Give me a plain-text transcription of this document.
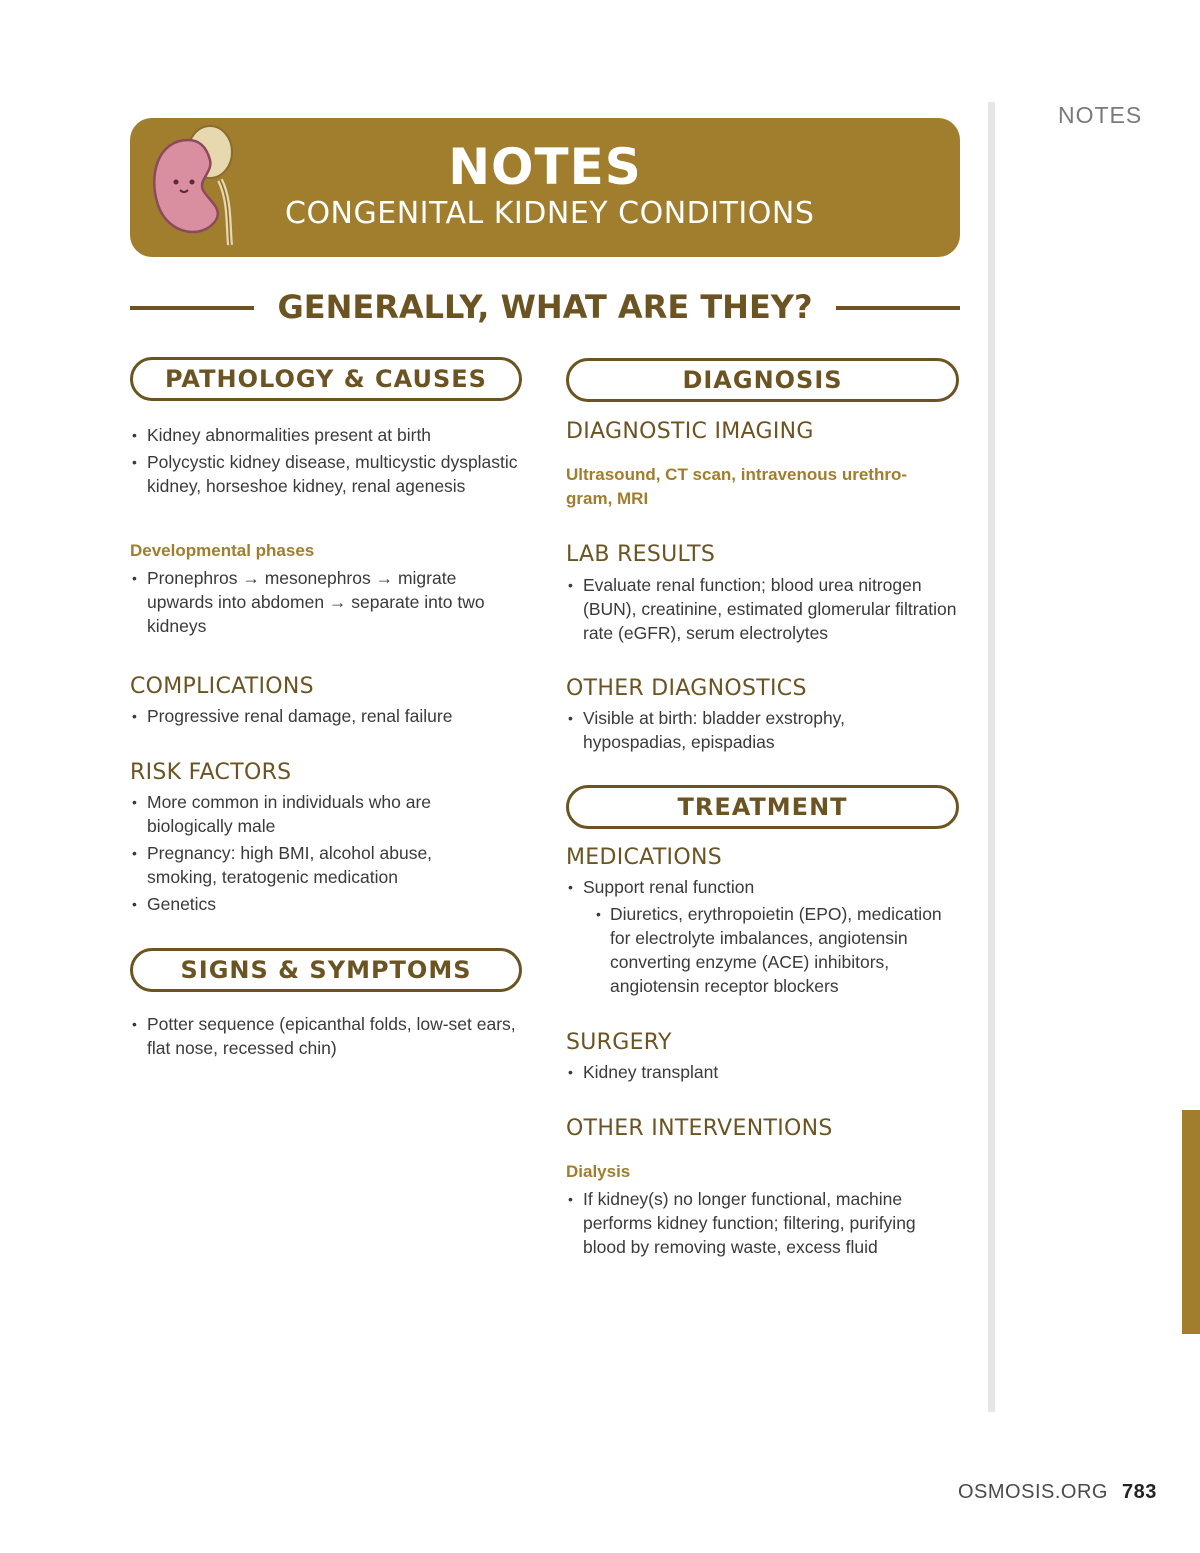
NOTES
NOTES
CONGENITAL KIDNEY CONDITIONS
GENERALLY, WHAT ARE THEY?
PATHOLOGY & CAUSES
• Kidney abnormalities present at birth
• Polycystic kidney disease, multicystic dysplastic kidney, horseshoe kidney, renal agenesis
Developmental phases
• Pronephros → mesonephros → migrate upwards into abdomen → separate into two kidneys
COMPLICATIONS
• Progressive renal damage, renal failure
RISK FACTORS
• More common in individuals who are biologically male
• Pregnancy: high BMI, alcohol abuse, smoking, teratogenic medication
• Genetics
SIGNS & SYMPTOMS
• Potter sequence (epicanthal folds, low-set ears, flat nose, recessed chin)
DIAGNOSIS
DIAGNOSTIC IMAGING
Ultrasound, CT scan, intravenous urethro-gram, MRI
LAB RESULTS
• Evaluate renal function; blood urea nitrogen (BUN), creatinine, estimated glomerular filtration rate (eGFR), serum electrolytes
OTHER DIAGNOSTICS
• Visible at birth: bladder exstrophy, hypospadias, epispadias
TREATMENT
MEDICATIONS
• Support renal function
• Diuretics, erythropoietin (EPO), medication for electrolyte imbalances, angiotensin converting enzyme (ACE) inhibitors, angiotensin receptor blockers
SURGERY
• Kidney transplant
OTHER INTERVENTIONS
Dialysis
• If kidney(s) no longer functional, machine performs kidney function; filtering, purifying blood by removing waste, excess fluid
OSMOSIS.ORG 783
